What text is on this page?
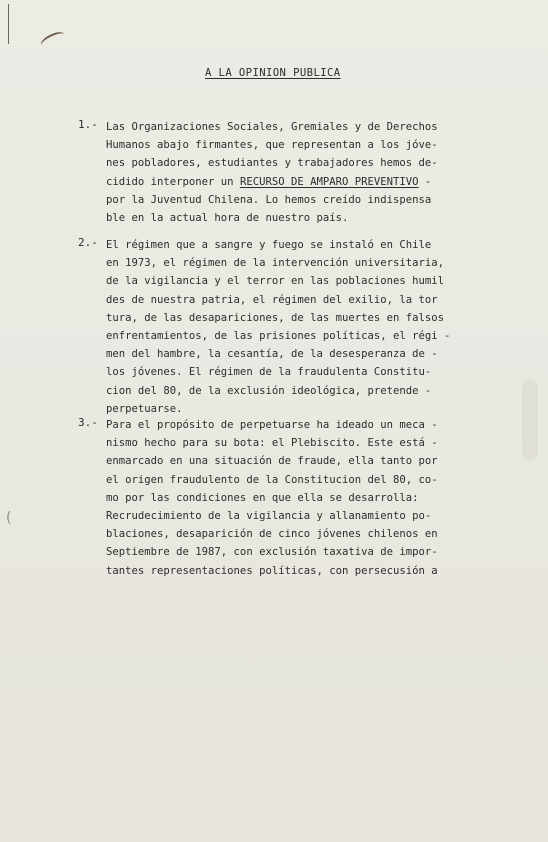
(
A LA OPINION PUBLICA
1.- Las Organizaciones Sociales, Gremiales y de Derechos
Humanos abajo firmantes, que representan a los jóve-
nes pobladores, estudiantes y trabajadores hemos de-
cidido interponer un RECURSO DE AMPARO PREVENTIVO -
por la Juventud Chilena. Lo hemos creído indispensa
ble en la actual hora de nuestro país.
2.- El régimen que a sangre y fuego se instaló en Chile
en 1973, el régimen de la intervención universitaria,
de la vigilancia y el terror en las poblaciones humil
des de nuestra patria, el régimen del exilio, la tor
tura, de las desapariciones, de las muertes en falsos
enfrentamientos, de las prisiones políticas, el régi -
men del hambre, la cesantía, de la desesperanza de -
los jóvenes. El régimen de la fraudulenta Constitu-
cion del 80, de la exclusión ideológica, pretende -
perpetuarse.
3.- Para el propósito de perpetuarse ha ideado un meca -
nismo hecho para su bota: el Plebiscito. Este está -
enmarcado en una situación de fraude, ella tanto por
el origen fraudulento de la Constitucion del 80, co-
mo por las condiciones en que ella se desarrolla:
Recrudecimiento de la vigilancia y allanamiento po-
blaciones, desaparición de cinco jóvenes chilenos en
Septiembre de 1987, con exclusión taxativa de impor-
tantes representaciones políticas, con persecusión a
